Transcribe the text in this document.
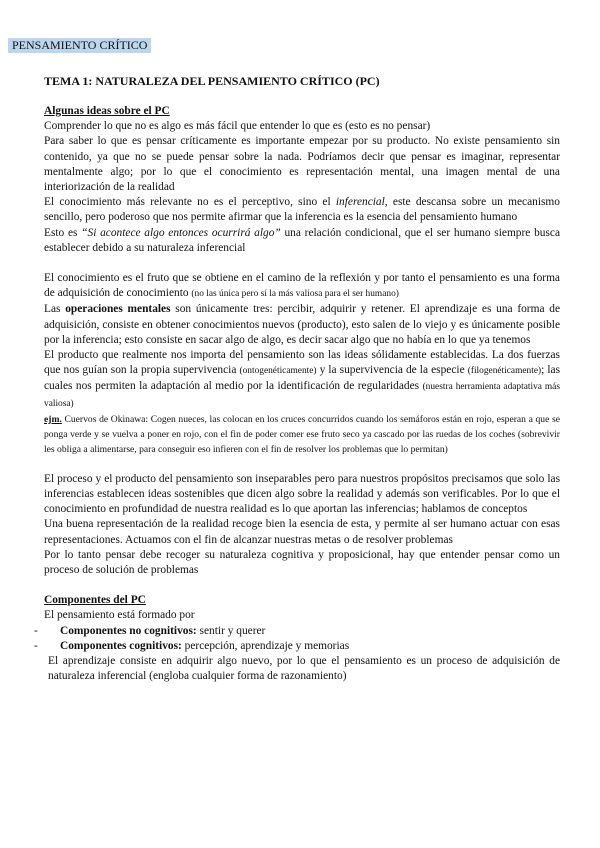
PENSAMIENTO CRÍTICO
TEMA 1: NATURALEZA DEL PENSAMIENTO CRÍTICO (PC)
Algunas ideas sobre el PC

Comprender lo que no es algo es más fácil que entender lo que es (esto es no pensar)

Para saber lo que es pensar críticamente es importante empezar por su producto. No existe pensamiento sin contenido, ya que no se puede pensar sobre la nada. Podríamos decir que pensar es imaginar, representar mentalmente algo; por lo que el conocimiento es representación mental, una imagen mental de una interiorización de la realidad

El conocimiento más relevante no es el perceptivo, sino el inferencial, este descansa sobre un mecanismo sencillo, pero poderoso que nos permite afirmar que la inferencia es la esencia del pensamiento humano

Esto es “Si acontece algo entonces ocurrirá algo” una relación condicional, que el ser humano siempre busca establecer debido a su naturaleza inferencial

El conocimiento es el fruto que se obtiene en el camino de la reflexión y por tanto el pensamiento es una forma de adquisición de conocimiento (no las única pero sí la más valiosa para el ser humano)

Las operaciones mentales son únicamente tres: percibir, adquirir y retener. El aprendizaje es una forma de adquisición, consiste en obtener conocimientos nuevos (producto), esto salen de lo viejo y es únicamente posible por la inferencia; esto consiste en sacar algo de algo, es decir sacar algo que no había en lo que ya tenemos

El producto que realmente nos importa del pensamiento son las ideas sólidamente establecidas. La dos fuerzas que nos guían son la propia supervivencia (ontogenéticamente) y la supervivencia de la especie (filogenéticamente); las cuales nos permiten la adaptación al medio por la identificación de regularidades (nuestra herramienta adaptativa más valiosa)

ejm. Cuervos de Okinawa: Cogen nueces, las colocan en los cruces concurridos cuando los semáforos están en rojo, esperan a que se ponga verde y se vuelva a poner en rojo, con el fin de poder comer ese fruto seco ya cascado por las ruedas de los coches (sobrevivir les obliga a alimentarse, para conseguir eso infieren con el fin de resolver los problemas que lo permitan)

El proceso y el producto del pensamiento son inseparables pero para nuestros propósitos precisamos que solo las inferencias establecen ideas sostenibles que dicen algo sobre la realidad y además son verificables. Por lo que el conocimiento en profundidad de nuestra realidad es lo que aportan las inferencias; hablamos de conceptos

Una buena representación de la realidad recoge bien la esencia de esta, y permite al ser humano actuar con esas representaciones. Actuamos con el fin de alcanzar nuestras metas o de resolver problemas

Por lo tanto pensar debe recoger su naturaleza cognitiva y proposicional, hay que entender pensar como un proceso de solución de problemas

Componentes del PC

El pensamiento está formado por

- Componentes no cognitivos: sentir y querer
- Componentes cognitivos: percepción, aprendizaje y memorias

El aprendizaje consiste en adquirir algo nuevo, por lo que el pensamiento es un proceso de adquisición de naturaleza inferencial (engloba cualquier forma de razonamiento)
